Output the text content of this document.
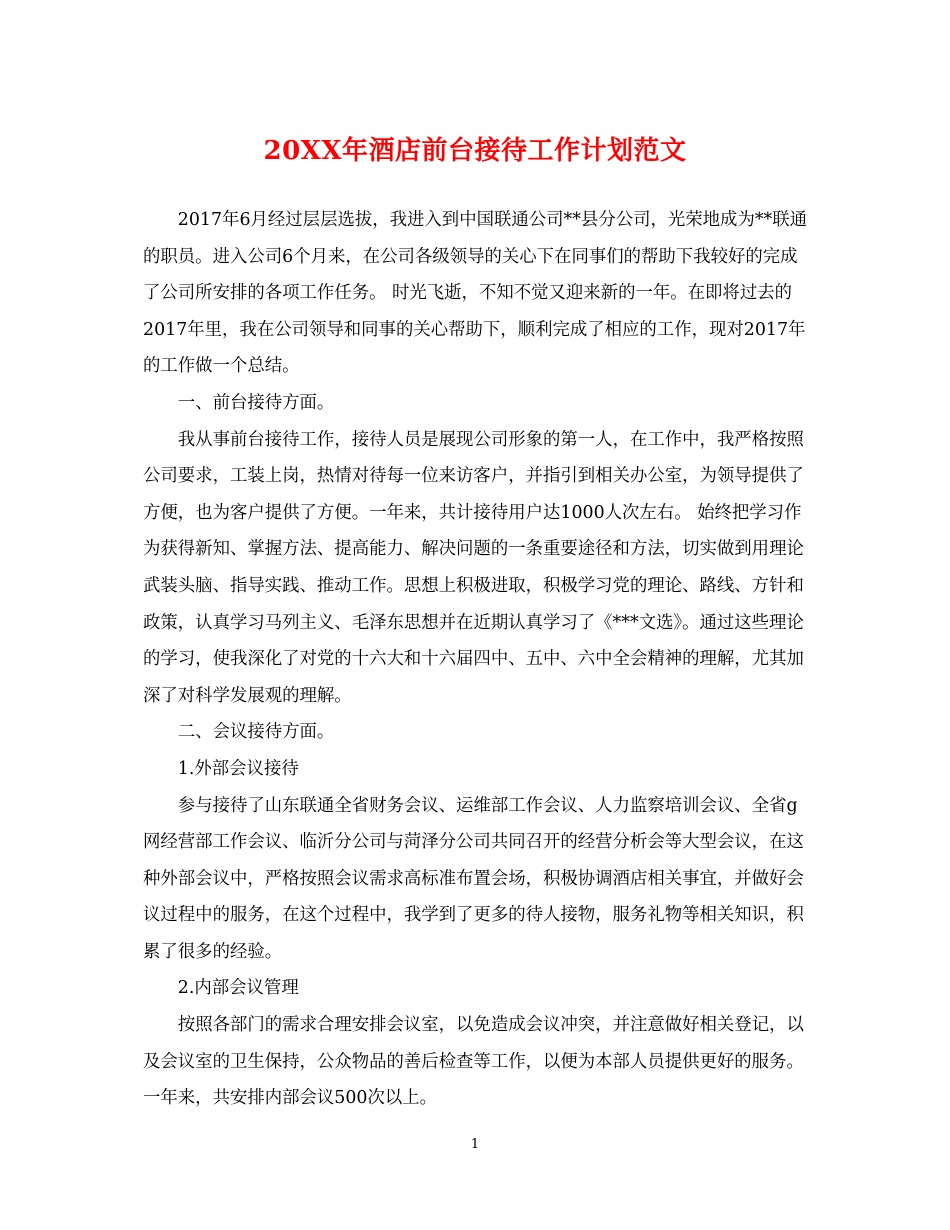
20XX年酒店前台接待工作计划范文

2017年6月经过层层选拔，我进入到中国联通公司**县分公司，光荣地成为**联通的职员。进入公司6个月来，在公司各级领导的关心下在同事们的帮助下我较好的完成了公司所安排的各项工作任务。 时光飞逝，不知不觉又迎来新的一年。在即将过去的2017年里，我在公司领导和同事的关心帮助下，顺利完成了相应的工作，现对2017年的工作做一个总结。

一、前台接待方面。

我从事前台接待工作，接待人员是展现公司形象的第一人，在工作中，我严格按照公司要求，工装上岗，热情对待每一位来访客户，并指引到相关办公室，为领导提供了方便，也为客户提供了方便。一年来，共计接待用户达1000人次左右。 始终把学习作为获得新知、掌握方法、提高能力、解决问题的一条重要途径和方法，切实做到用理论武装头脑、指导实践、推动工作。思想上积极进取，积极学习党的理论、路线、方针和政策，认真学习马列主义、毛泽东思想并在近期认真学习了《***文选》。通过这些理论的学习，使我深化了对党的十六大和十六届四中、五中、六中全会精神的理解，尤其加深了对科学发展观的理解。

二、会议接待方面。

1.外部会议接待

参与接待了山东联通全省财务会议、运维部工作会议、人力监察培训会议、全省g网经营部工作会议、临沂分公司与菏泽分公司共同召开的经营分析会等大型会议，在这种外部会议中，严格按照会议需求高标准布置会场，积极协调酒店相关事宜，并做好会议过程中的服务，在这个过程中，我学到了更多的待人接物，服务礼物等相关知识，积累了很多的经验。

2.内部会议管理

按照各部门的需求合理安排会议室，以免造成会议冲突，并注意做好相关登记，以及会议室的卫生保持，公众物品的善后检查等工作，以便为本部人员提供更好的服务。一年来，共安排内部会议500次以上。

1
